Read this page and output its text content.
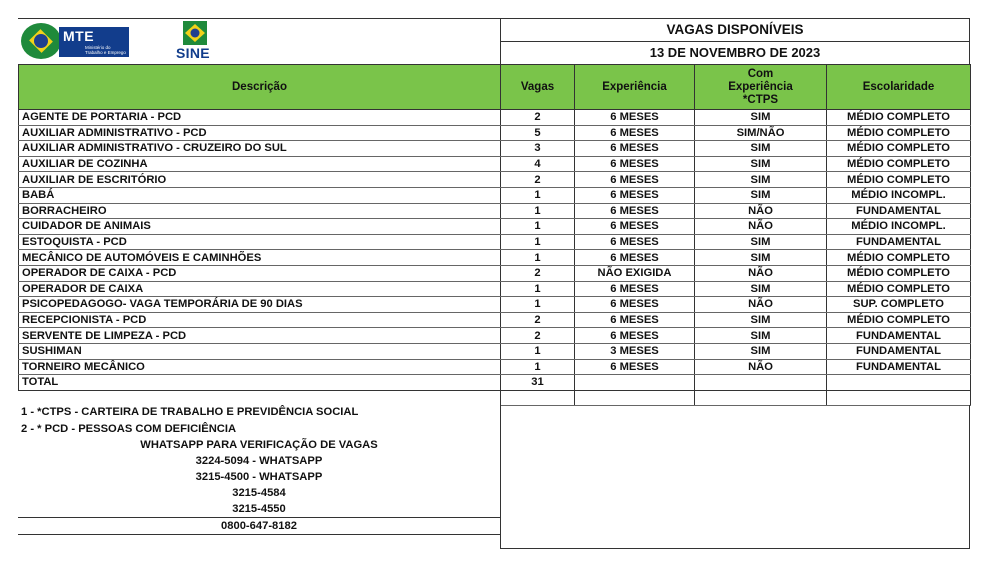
MTE
Ministério do Trabalho e Emprego	SINE
VAGAS DISPONÍVEIS
13 DE NOVEMBRO DE 2023
Descrição	Vagas	Experiência	Com Experiência *CTPS	Escolaridade
AGENTE DE PORTARIA - PCD	2	6 MESES	SIM	MÉDIO COMPLETO
AUXILIAR ADMINISTRATIVO - PCD	5	6 MESES	SIM/NÃO	MÉDIO COMPLETO
AUXILIAR ADMINISTRATIVO - CRUZEIRO DO SUL	3	6 MESES	SIM	MÉDIO COMPLETO
AUXILIAR DE COZINHA	4	6 MESES	SIM	MÉDIO COMPLETO
AUXILIAR DE ESCRITÓRIO	2	6 MESES	SIM	MÉDIO COMPLETO
BABÁ	1	6 MESES	SIM	MÉDIO INCOMPL.
BORRACHEIRO	1	6 MESES	NÃO	FUNDAMENTAL
CUIDADOR DE ANIMAIS	1	6 MESES	NÃO	MÉDIO INCOMPL.
ESTOQUISTA - PCD	1	6 MESES	SIM	FUNDAMENTAL
MECÂNICO DE AUTOMÓVEIS E CAMINHÕES	1	6 MESES	SIM	MÉDIO COMPLETO
OPERADOR DE CAIXA - PCD	2	NÃO EXIGIDA	NÃO	MÉDIO COMPLETO
OPERADOR DE CAIXA	1	6 MESES	SIM	MÉDIO COMPLETO
PSICOPEDAGOGO- VAGA TEMPORÁRIA DE 90 DIAS	1	6 MESES	NÃO	SUP. COMPLETO
RECEPCIONISTA - PCD	2	6 MESES	SIM	MÉDIO COMPLETO
SERVENTE DE LIMPEZA - PCD	2	6 MESES	SIM	FUNDAMENTAL
SUSHIMAN	1	3 MESES	SIM	FUNDAMENTAL
TORNEIRO MECÂNICO	1	6 MESES	NÃO	FUNDAMENTAL
TOTAL	31			

1 - *CTPS - CARTEIRA DE TRABALHO E PREVIDÊNCIA SOCIAL
2 - * PCD - PESSOAS COM DEFICIÊNCIA
WHATSAPP PARA VERIFICAÇÃO DE VAGAS
3224-5094 - WHATSAPP
3215-4500 - WHATSAPP
3215-4584
3215-4550
0800-647-8182
